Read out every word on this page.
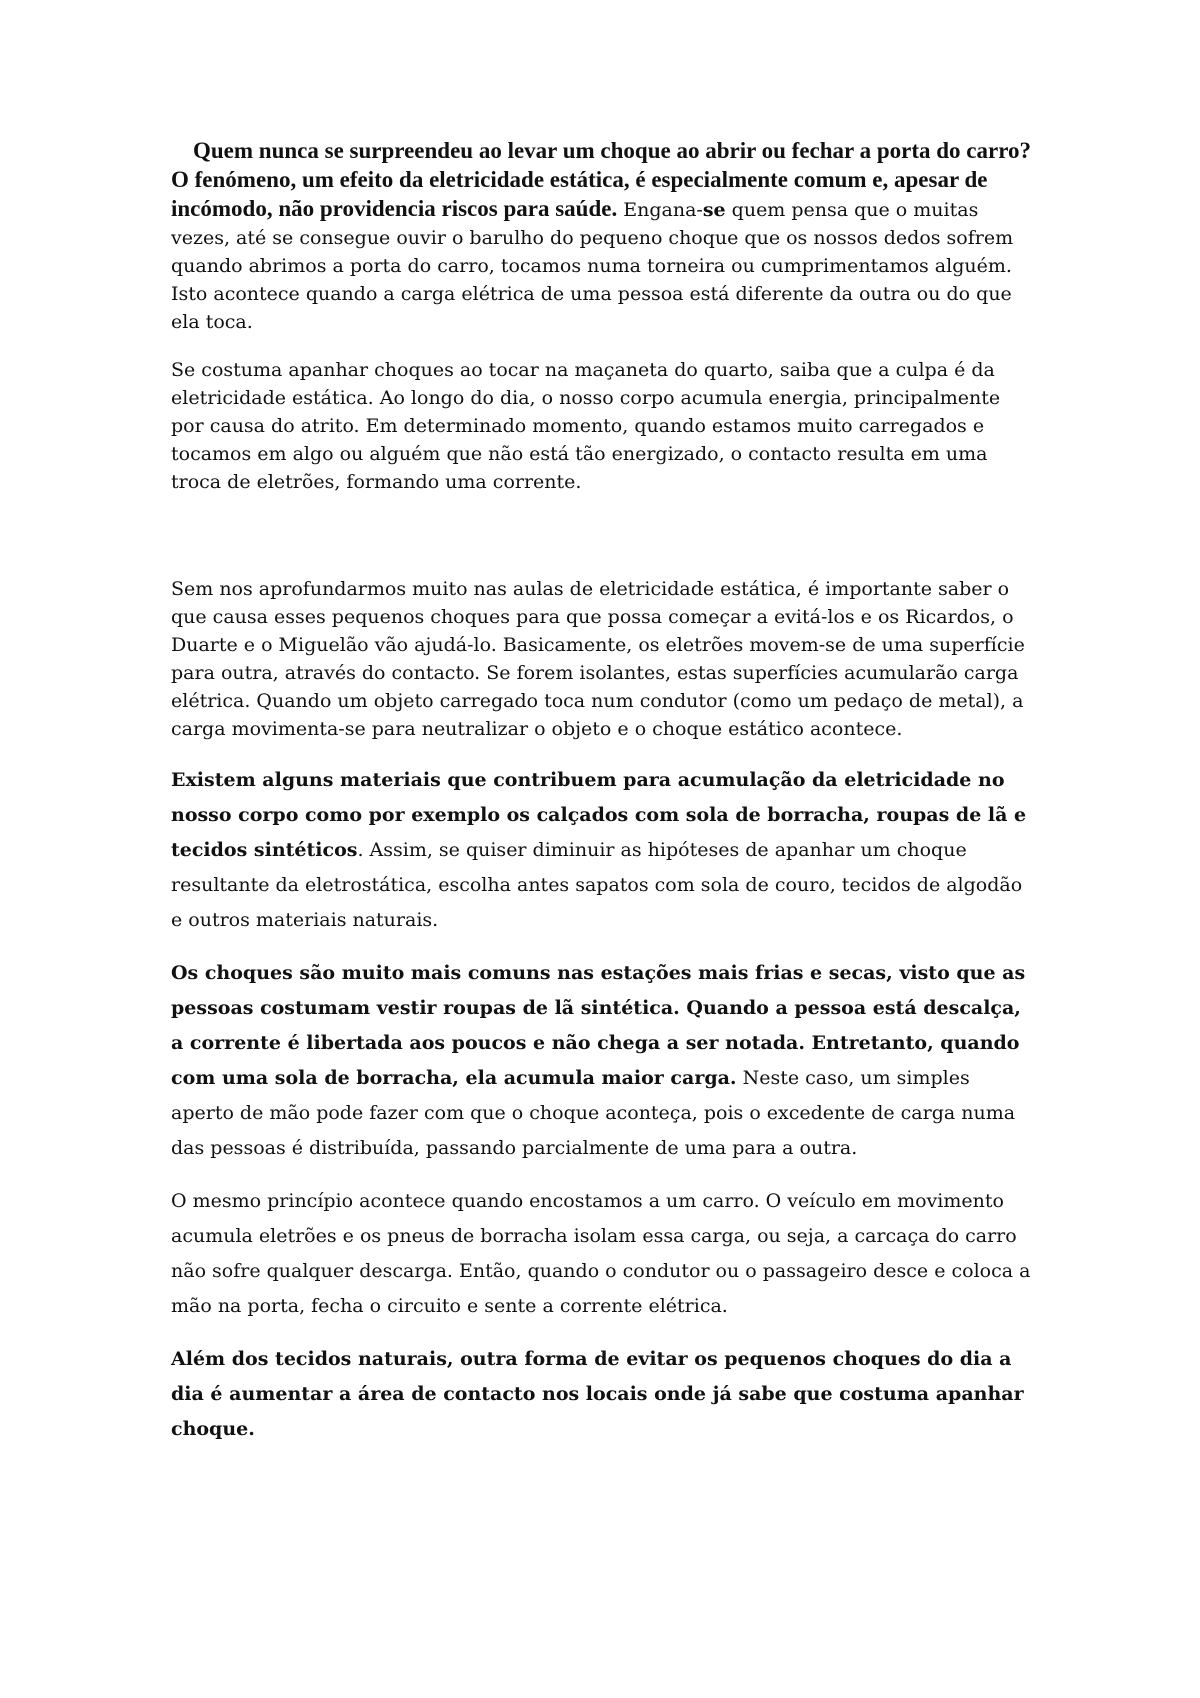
Quem nunca se surpreendeu ao levar um choque ao abrir ou fechar a porta do carro? O fenómeno, um efeito da eletricidade estática, é especialmente comum e, apesar de incómodo, não providencia riscos para saúde. Engana-se quem pensa que o muitas vezes, até se consegue ouvir o barulho do pequeno choque que os nossos dedos sofrem quando abrimos a porta do carro, tocamos numa torneira ou cumprimentamos alguém. Isto acontece quando a carga elétrica de uma pessoa está diferente da outra ou do que ela toca.

Se costuma apanhar choques ao tocar na maçaneta do quarto, saiba que a culpa é da eletricidade estática. Ao longo do dia, o nosso corpo acumula energia, principalmente por causa do atrito. Em determinado momento, quando estamos muito carregados e tocamos em algo ou alguém que não está tão energizado, o contacto resulta em uma troca de eletrões, formando uma corrente.

Sem nos aprofundarmos muito nas aulas de eletricidade estática, é importante saber o que causa esses pequenos choques para que possa começar a evitá-los e os Ricardos, o Duarte e o Miguelão vão ajudá-lo. Basicamente, os eletrões movem-se de uma superfície para outra, através do contacto. Se forem isolantes, estas superfícies acumularão carga elétrica. Quando um objeto carregado toca num condutor (como um pedaço de metal), a carga movimenta-se para neutralizar o objeto e o choque estático acontece.

Existem alguns materiais que contribuem para acumulação da eletricidade no nosso corpo como por exemplo os calçados com sola de borracha, roupas de lã e tecidos sintéticos. Assim, se quiser diminuir as hipóteses de apanhar um choque resultante da eletrostática, escolha antes sapatos com sola de couro, tecidos de algodão e outros materiais naturais.

Os choques são muito mais comuns nas estações mais frias e secas, visto que as pessoas costumam vestir roupas de lã sintética. Quando a pessoa está descalça, a corrente é libertada aos poucos e não chega a ser notada. Entretanto, quando com uma sola de borracha, ela acumula maior carga. Neste caso, um simples aperto de mão pode fazer com que o choque aconteça, pois o excedente de carga numa das pessoas é distribuída, passando parcialmente de uma para a outra.

O mesmo princípio acontece quando encostamos a um carro. O veículo em movimento acumula eletrões e os pneus de borracha isolam essa carga, ou seja, a carcaça do carro não sofre qualquer descarga. Então, quando o condutor ou o passageiro desce e coloca a mão na porta, fecha o circuito e sente a corrente elétrica.

Além dos tecidos naturais, outra forma de evitar os pequenos choques do dia a dia é aumentar a área de contacto nos locais onde já sabe que costuma apanhar choque.
